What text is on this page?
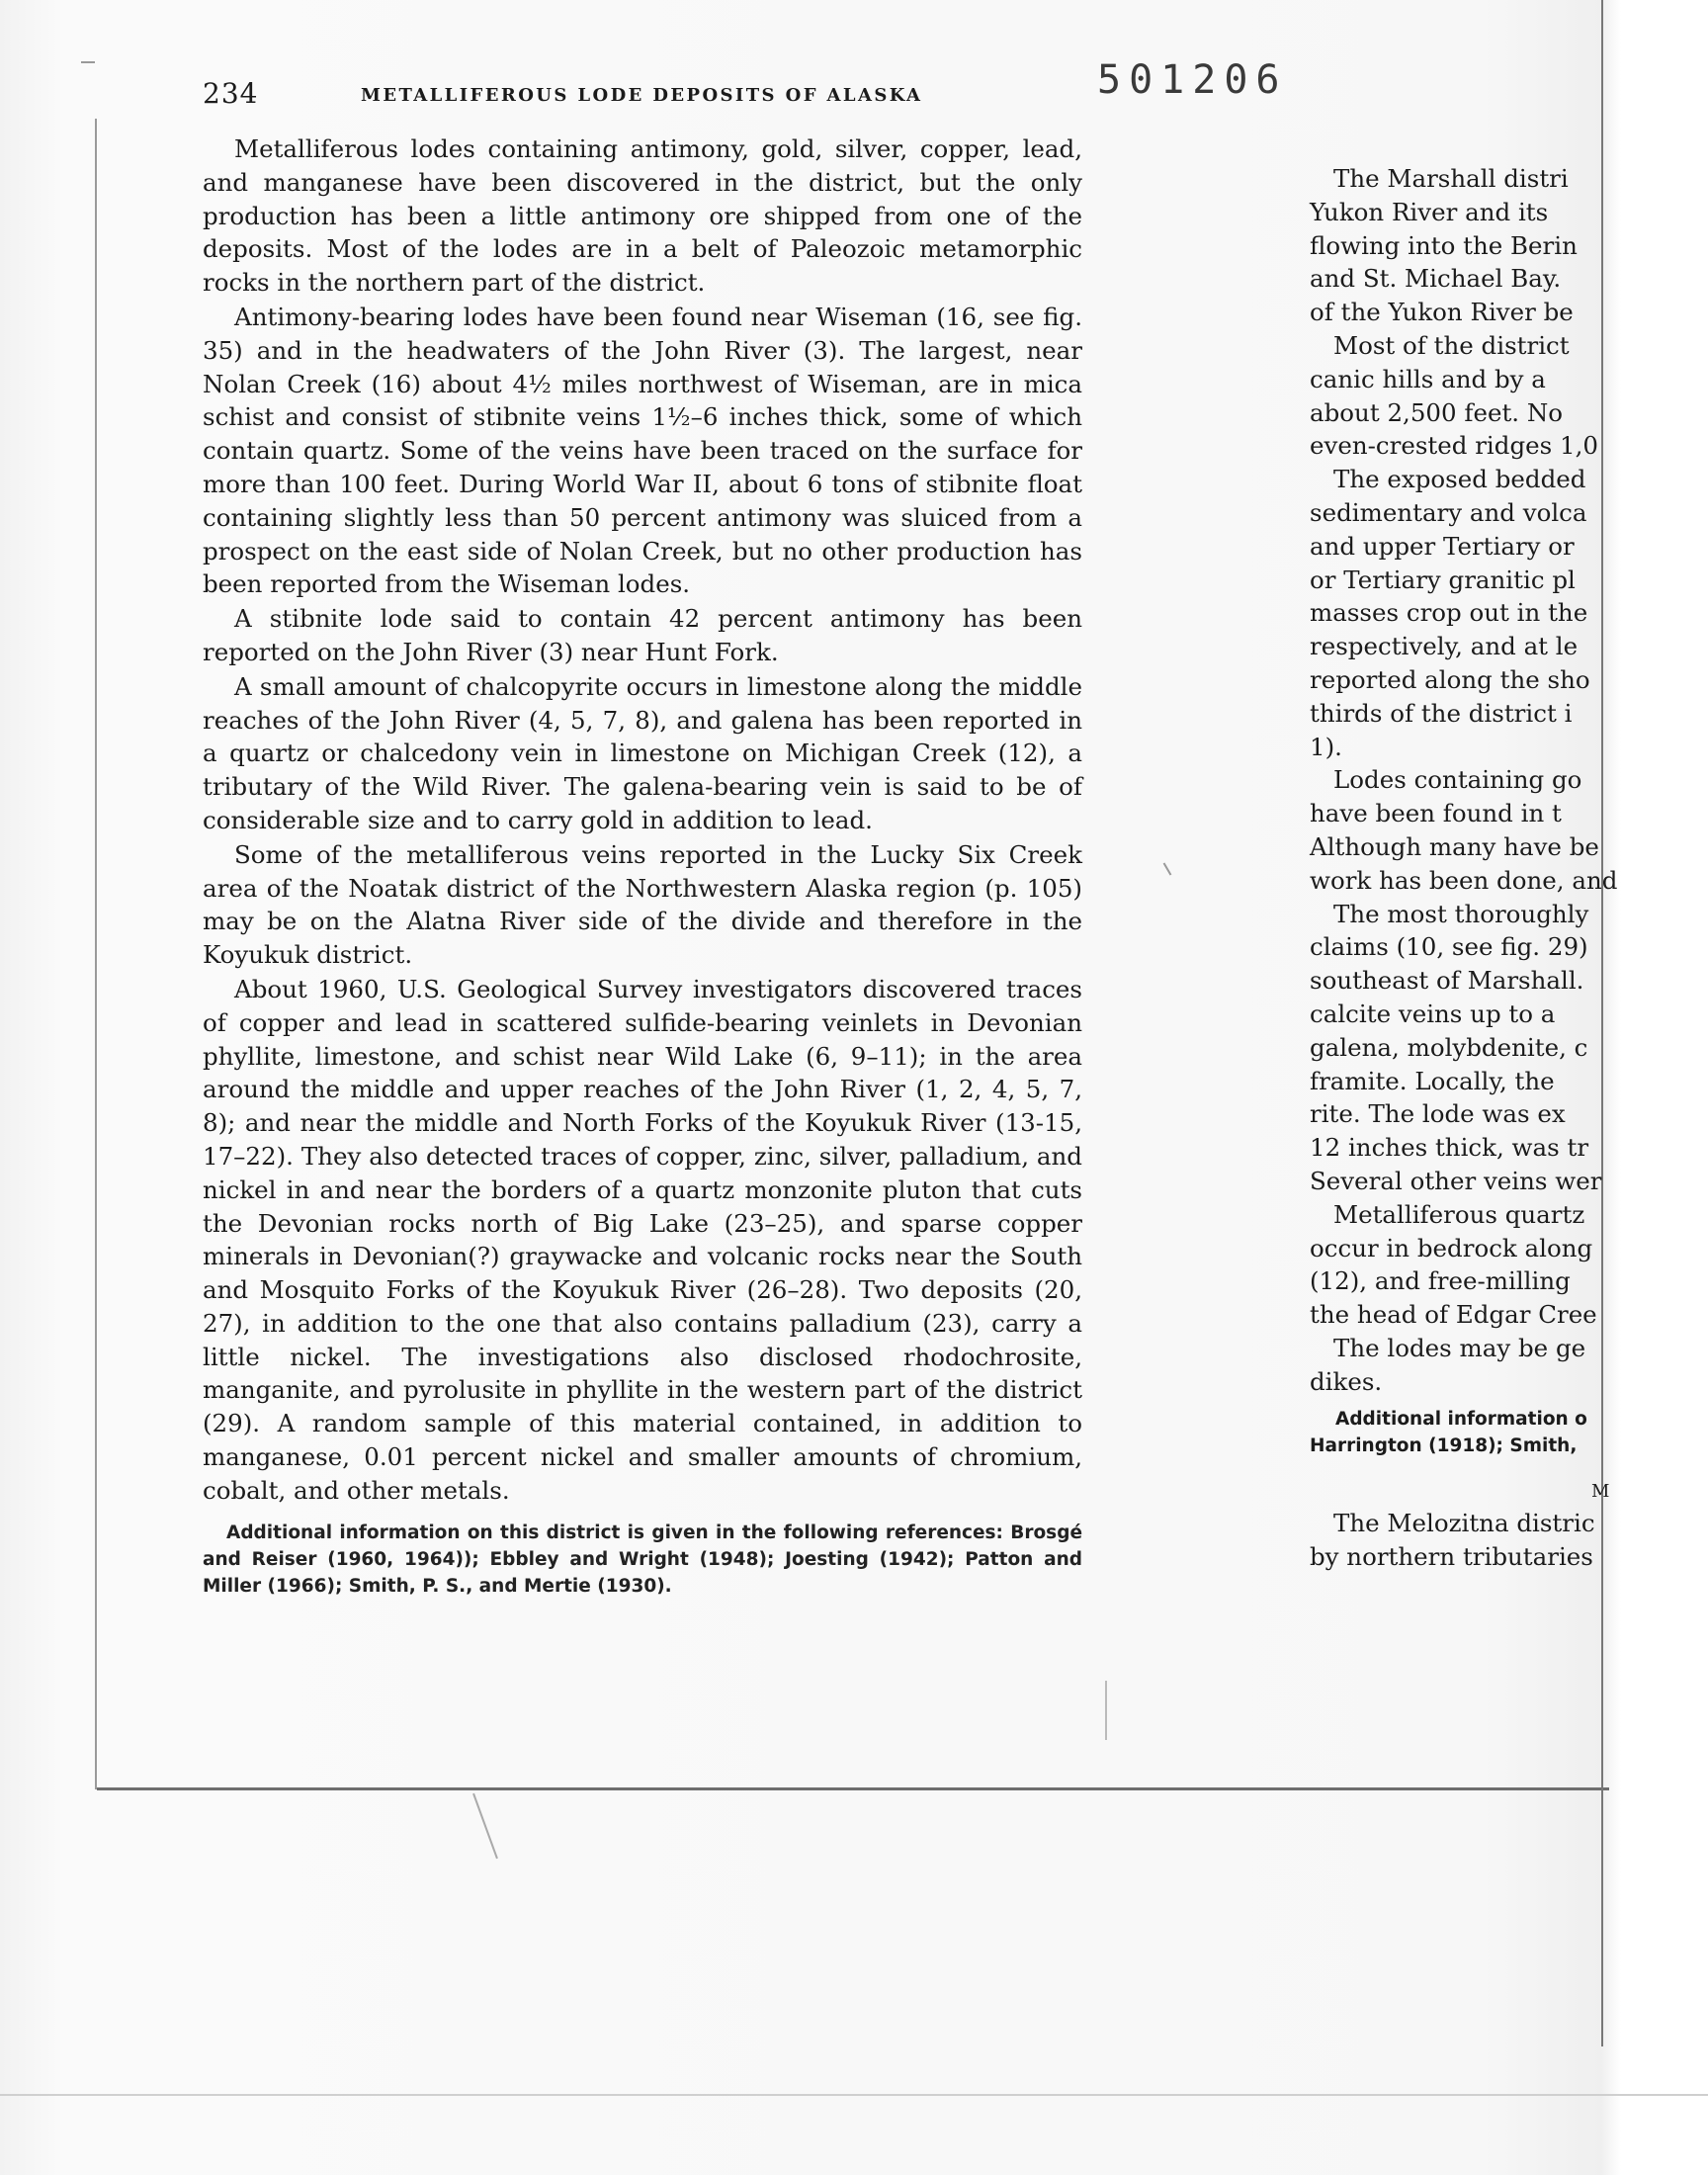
234	METALLIFEROUS LODE DEPOSITS OF ALASKA	501206

Metalliferous lodes containing antimony, gold, silver, copper, lead, and manganese have been discovered in the district, but the only production has been a little antimony ore shipped from one of the deposits. Most of the lodes are in a belt of Paleozoic metamorphic rocks in the northern part of the district.

Antimony-bearing lodes have been found near Wiseman (16, see fig. 35) and in the headwaters of the John River (3). The largest, near Nolan Creek (16) about 4½ miles northwest of Wiseman, are in mica schist and consist of stibnite veins 1½–6 inches thick, some of which contain quartz. Some of the veins have been traced on the surface for more than 100 feet. During World War II, about 6 tons of stibnite float containing slightly less than 50 percent antimony was sluiced from a prospect on the east side of Nolan Creek, but no other production has been reported from the Wiseman lodes.

A stibnite lode said to contain 42 percent antimony has been reported on the John River (3) near Hunt Fork.

A small amount of chalcopyrite occurs in limestone along the middle reaches of the John River (4, 5, 7, 8), and galena has been reported in a quartz or chalcedony vein in limestone on Michigan Creek (12), a tributary of the Wild River. The galena-bearing vein is said to be of considerable size and to carry gold in addition to lead.

Some of the metalliferous veins reported in the Lucky Six Creek area of the Noatak district of the Northwestern Alaska region (p. 105) may be on the Alatna River side of the divide and therefore in the Koyukuk district.

About 1960, U.S. Geological Survey investigators discovered traces of copper and lead in scattered sulfide-bearing veinlets in Devonian phyllite, limestone, and schist near Wild Lake (6, 9–11); in the area around the middle and upper reaches of the John River (1, 2, 4, 5, 7, 8); and near the middle and North Forks of the Koyukuk River (13-15, 17–22). They also detected traces of copper, zinc, silver, palladium, and nickel in and near the borders of a quartz monzonite pluton that cuts the Devonian rocks north of Big Lake (23–25), and sparse copper minerals in Devonian(?) graywacke and volcanic rocks near the South and Mosquito Forks of the Koyukuk River (26–28). Two deposits (20, 27), in addition to the one that also contains palladium (23), carry a little nickel. The investigations also disclosed rhodochrosite, manganite, and pyrolusite in phyllite in the western part of the district (29). A random sample of this material contained, in addition to manganese, 0.01 percent nickel and smaller amounts of chromium, cobalt, and other metals.

Additional information on this district is given in the following references: Brosgé and Reiser (1960, 1964)); Ebbley and Wright (1948); Joesting (1942); Patton and Miller (1966); Smith, P. S., and Mertie (1930).
The Marshall distri
Yukon River and its
flowing into the Berin
and St. Michael Bay.
of the Yukon River be
Most of the district
canic hills and by a
about 2,500 feet. No
even-crested ridges 1,0
The exposed bedded
sedimentary and volca
and upper Tertiary or
or Tertiary granitic pl
masses crop out in the
respectively, and at le
reported along the sho
thirds of the district i
1).
Lodes containing go
have been found in t
Although many have be
work has been done, and
The most thoroughly
claims (10, see fig. 29)
southeast of Marshall.
calcite veins up to a
galena, molybdenite, c
framite. Locally, the
rite. The lode was ex
12 inches thick, was tr
Several other veins wer
Metalliferous quartz
occur in bedrock along
(12), and free-milling
the head of Edgar Cree
The lodes may be ge
dikes.
Additional information o
Harrington (1918); Smith,
M
The Melozitna distric
by northern tributaries
